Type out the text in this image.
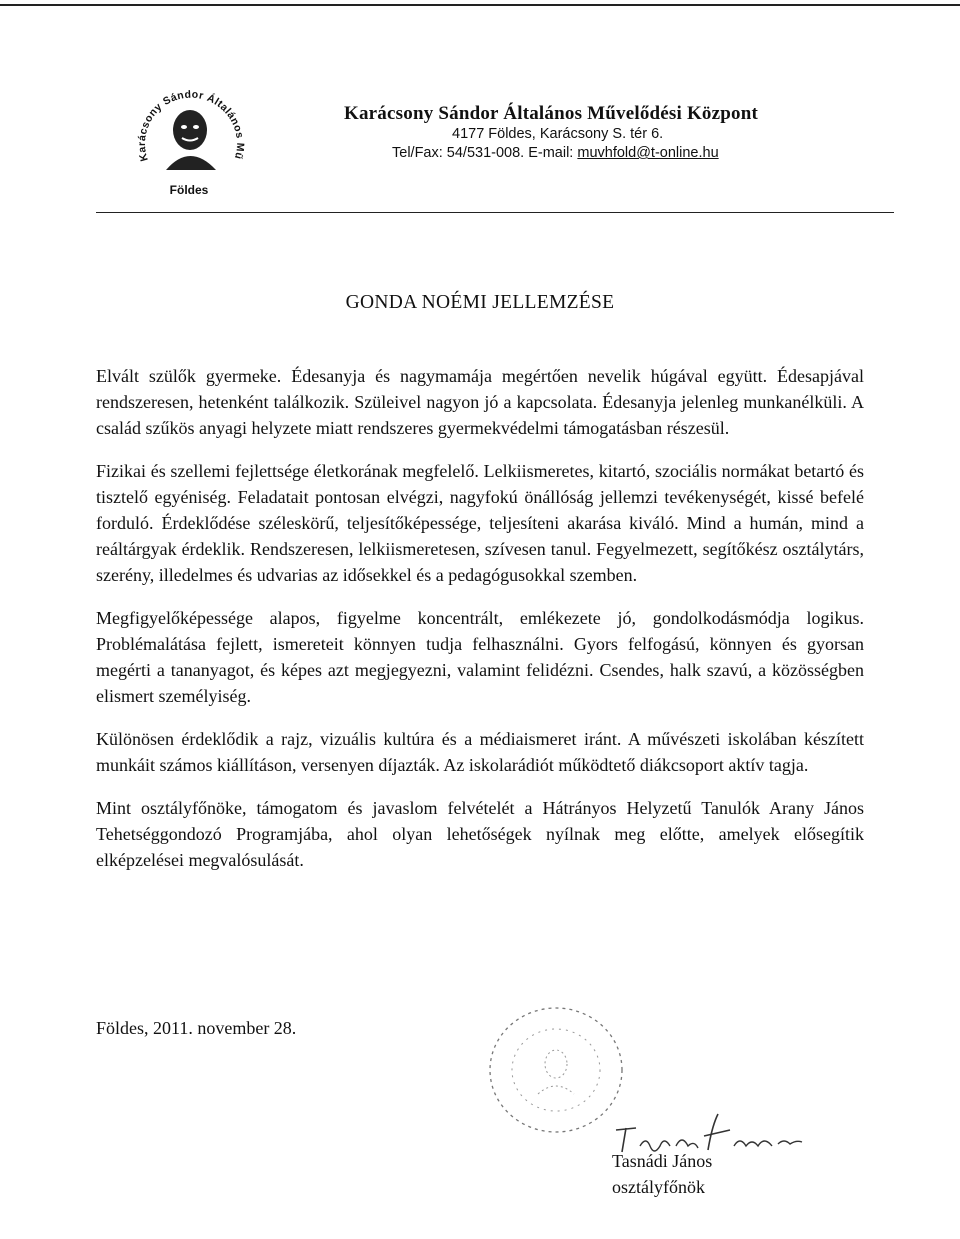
Karácsony Sándor Általános Mű
Földes
Karácsony Sándor Általános Művelődési Központ
4177 Földes, Karácsony S. tér 6.
Tel/Fax: 54/531-008. E-mail: muvhfold@t-online.hu
GONDA NOÉMI JELLEMZÉSE

Elvált szülők gyermeke. Édesanyja és nagymamája megértően nevelik húgával együtt. Édesapjával rendszeresen, hetenként találkozik. Szüleivel nagyon jó a kapcsolata. Édesanyja jelenleg munkanélküli. A család szűkös anyagi helyzete miatt rendszeres gyermekvédelmi támogatásban részesül.

Fizikai és szellemi fejlettsége életkorának megfelelő. Lelkiismeretes, kitartó, szociális normákat betartó és tisztelő egyéniség. Feladatait pontosan elvégzi, nagyfokú önállóság jellemzi tevékenységét, kissé befelé forduló. Érdeklődése széleskörű, teljesítőképessége, teljesíteni akarása kiváló. Mind a humán, mind a reáltárgyak érdeklik. Rendszeresen, lelkiismeretesen, szívesen tanul. Fegyelmezett, segítőkész osztálytárs, szerény, illedelmes és udvarias az idősekkel és a pedagógusokkal szemben.

Megfigyelőképessége alapos, figyelme koncentrált, emlékezete jó, gondolkodásmódja logikus. Problémalátása fejlett, ismereteit könnyen tudja felhasználni. Gyors felfogású, könnyen és gyorsan megérti a tananyagot, és képes azt megjegyezni, valamint felidézni. Csendes, halk szavú, a közösségben elismert személyiség.

Különösen érdeklődik a rajz, vizuális kultúra és a médiaismeret iránt. A művészeti iskolában készített munkáit számos kiállításon, versenyen díjazták. Az iskolarádiót működtető diákcsoport aktív tagja.

Mint osztályfőnöke, támogatom és javaslom felvételét a Hátrányos Helyzetű Tanulók Arany János Tehetséggondozó Programjába, ahol olyan lehetőségek nyílnak meg előtte, amelyek elősegítik elképzelései megvalósulását.

Földes, 2011. november 28.
Tasnádi János
osztályfőnök
